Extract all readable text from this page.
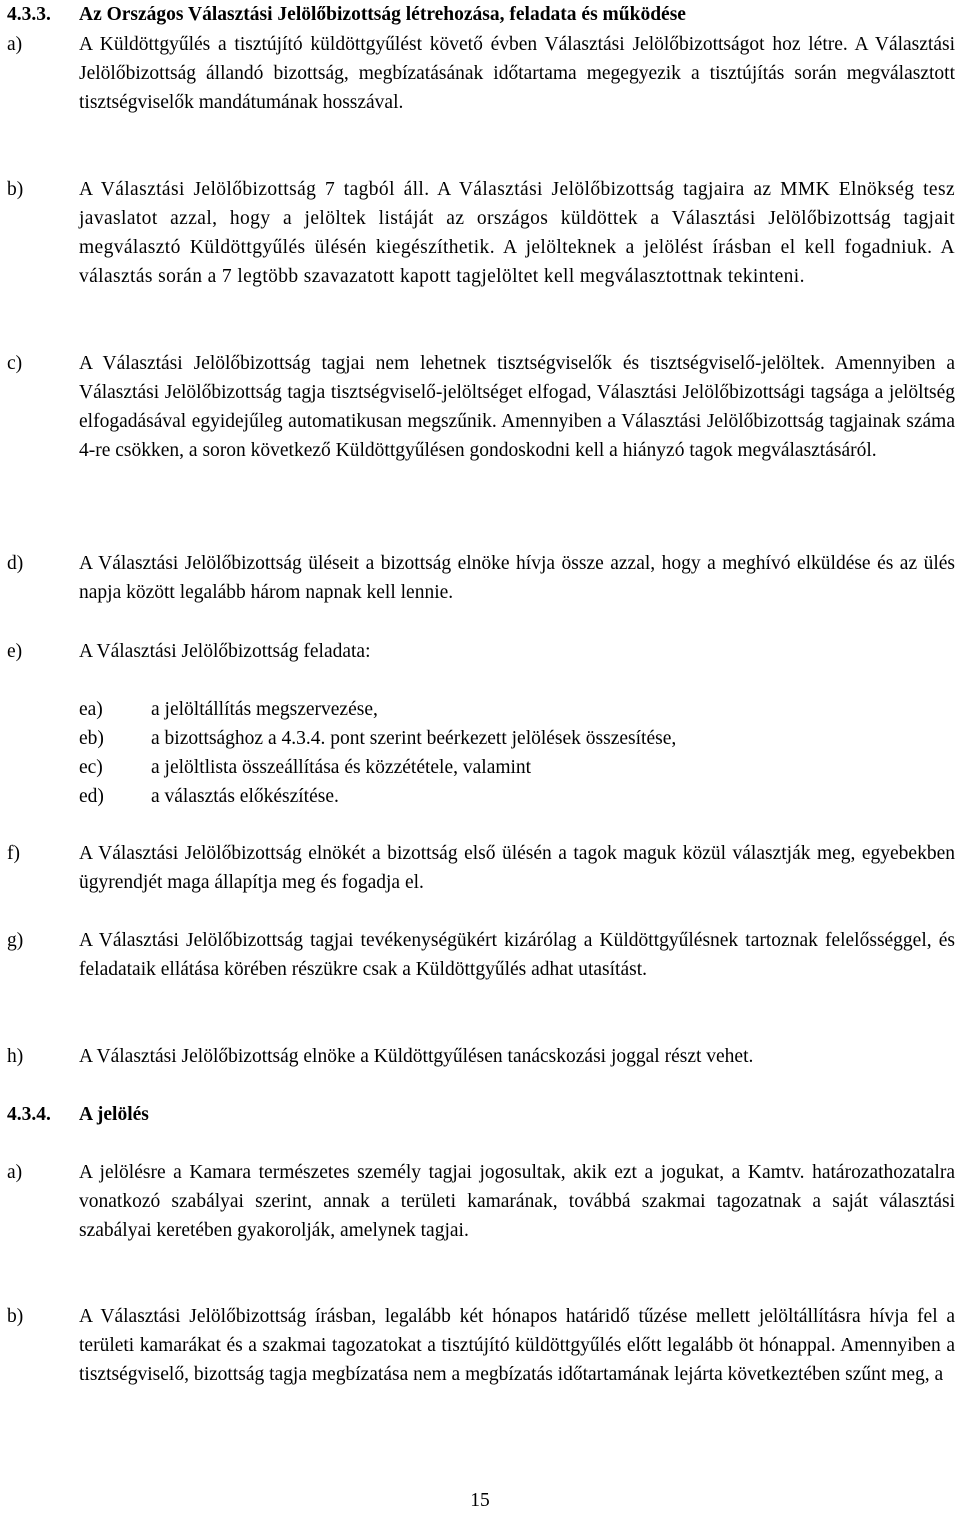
4.3.3. Az Országos Választási Jelölőbizottság létrehozása, feladata és működése
a)	A Küldöttgyűlés a tisztújító küldöttgyűlést követő évben Választási Jelölőbizottságot hoz létre. A Választási Jelölőbizottság állandó bizottság, megbízatásának időtartama megegyezik a tisztújítás során megválasztott tisztségviselők mandátumának hosszával.
b)	A Választási Jelölőbizottság 7 tagból áll. A Választási Jelölőbizottság tagjaira az MMK Elnökség tesz javaslatot azzal, hogy a jelöltek listáját az országos küldöttek a Választási Jelölőbizottság tagjait megválasztó Küldöttgyűlés ülésén kiegészíthetik. A jelölteknek a jelölést írásban el kell fogadniuk. A választás során a 7 legtöbb szavazatott kapott tagjelöltet kell megválasztottnak tekinteni.
c)	A Választási Jelölőbizottság tagjai nem lehetnek tisztségviselők és tisztségviselő-jelöltek. Amennyiben a Választási Jelölőbizottság tagja tisztségviselő-jelöltséget elfogad, Választási Jelölőbizottsági tagsága a jelöltség elfogadásával egyidejűleg automatikusan megszűnik. Amennyiben a Választási Jelölőbizottság tagjainak száma 4-re csökken, a soron következő Küldöttgyűlésen gondoskodni kell a hiányzó tagok megválasztásáról.
d)	A Választási Jelölőbizottság üléseit a bizottság elnöke hívja össze azzal, hogy a meghívó elküldése és az ülés napja között legalább három napnak kell lennie.
e)	A Választási Jelölőbizottság feladata:
ea)	a jelöltállítás megszervezése,
eb)	a bizottsághoz a 4.3.4. pont szerint beérkezett jelölések összesítése,
ec)	a jelöltlista összeállítása és közzététele, valamint
ed)	a választás előkészítése.
f)	A Választási Jelölőbizottság elnökét a bizottság első ülésén a tagok maguk közül választják meg, egyebekben ügyrendjét maga állapítja meg és fogadja el.
g)	A Választási Jelölőbizottság tagjai tevékenységükért kizárólag a Küldöttgyűlésnek tartoznak felelősséggel, és feladataik ellátása körében részükre csak a Küldöttgyűlés adhat utasítást.
h)	A Választási Jelölőbizottság elnöke a Küldöttgyűlésen tanácskozási joggal részt vehet.
4.3.4. A jelölés
a)	A jelölésre a Kamara természetes személy tagjai jogosultak, akik ezt a jogukat, a Kamtv. határozathozatalra vonatkozó szabályai szerint, annak a területi kamarának, továbbá szakmai tagozatnak a saját választási szabályai keretében gyakorolják, amelynek tagjai.
b)	A Választási Jelölőbizottság írásban, legalább két hónapos határidő tűzése mellett jelöltállításra hívja fel a területi kamarákat és a szakmai tagozatokat a tisztújító küldöttgyűlés előtt legalább öt hónappal. Amennyiben a tisztségviselő, bizottság tagja megbízatása nem a megbízatás időtartamának lejárta következtében szűnt meg, a
15
